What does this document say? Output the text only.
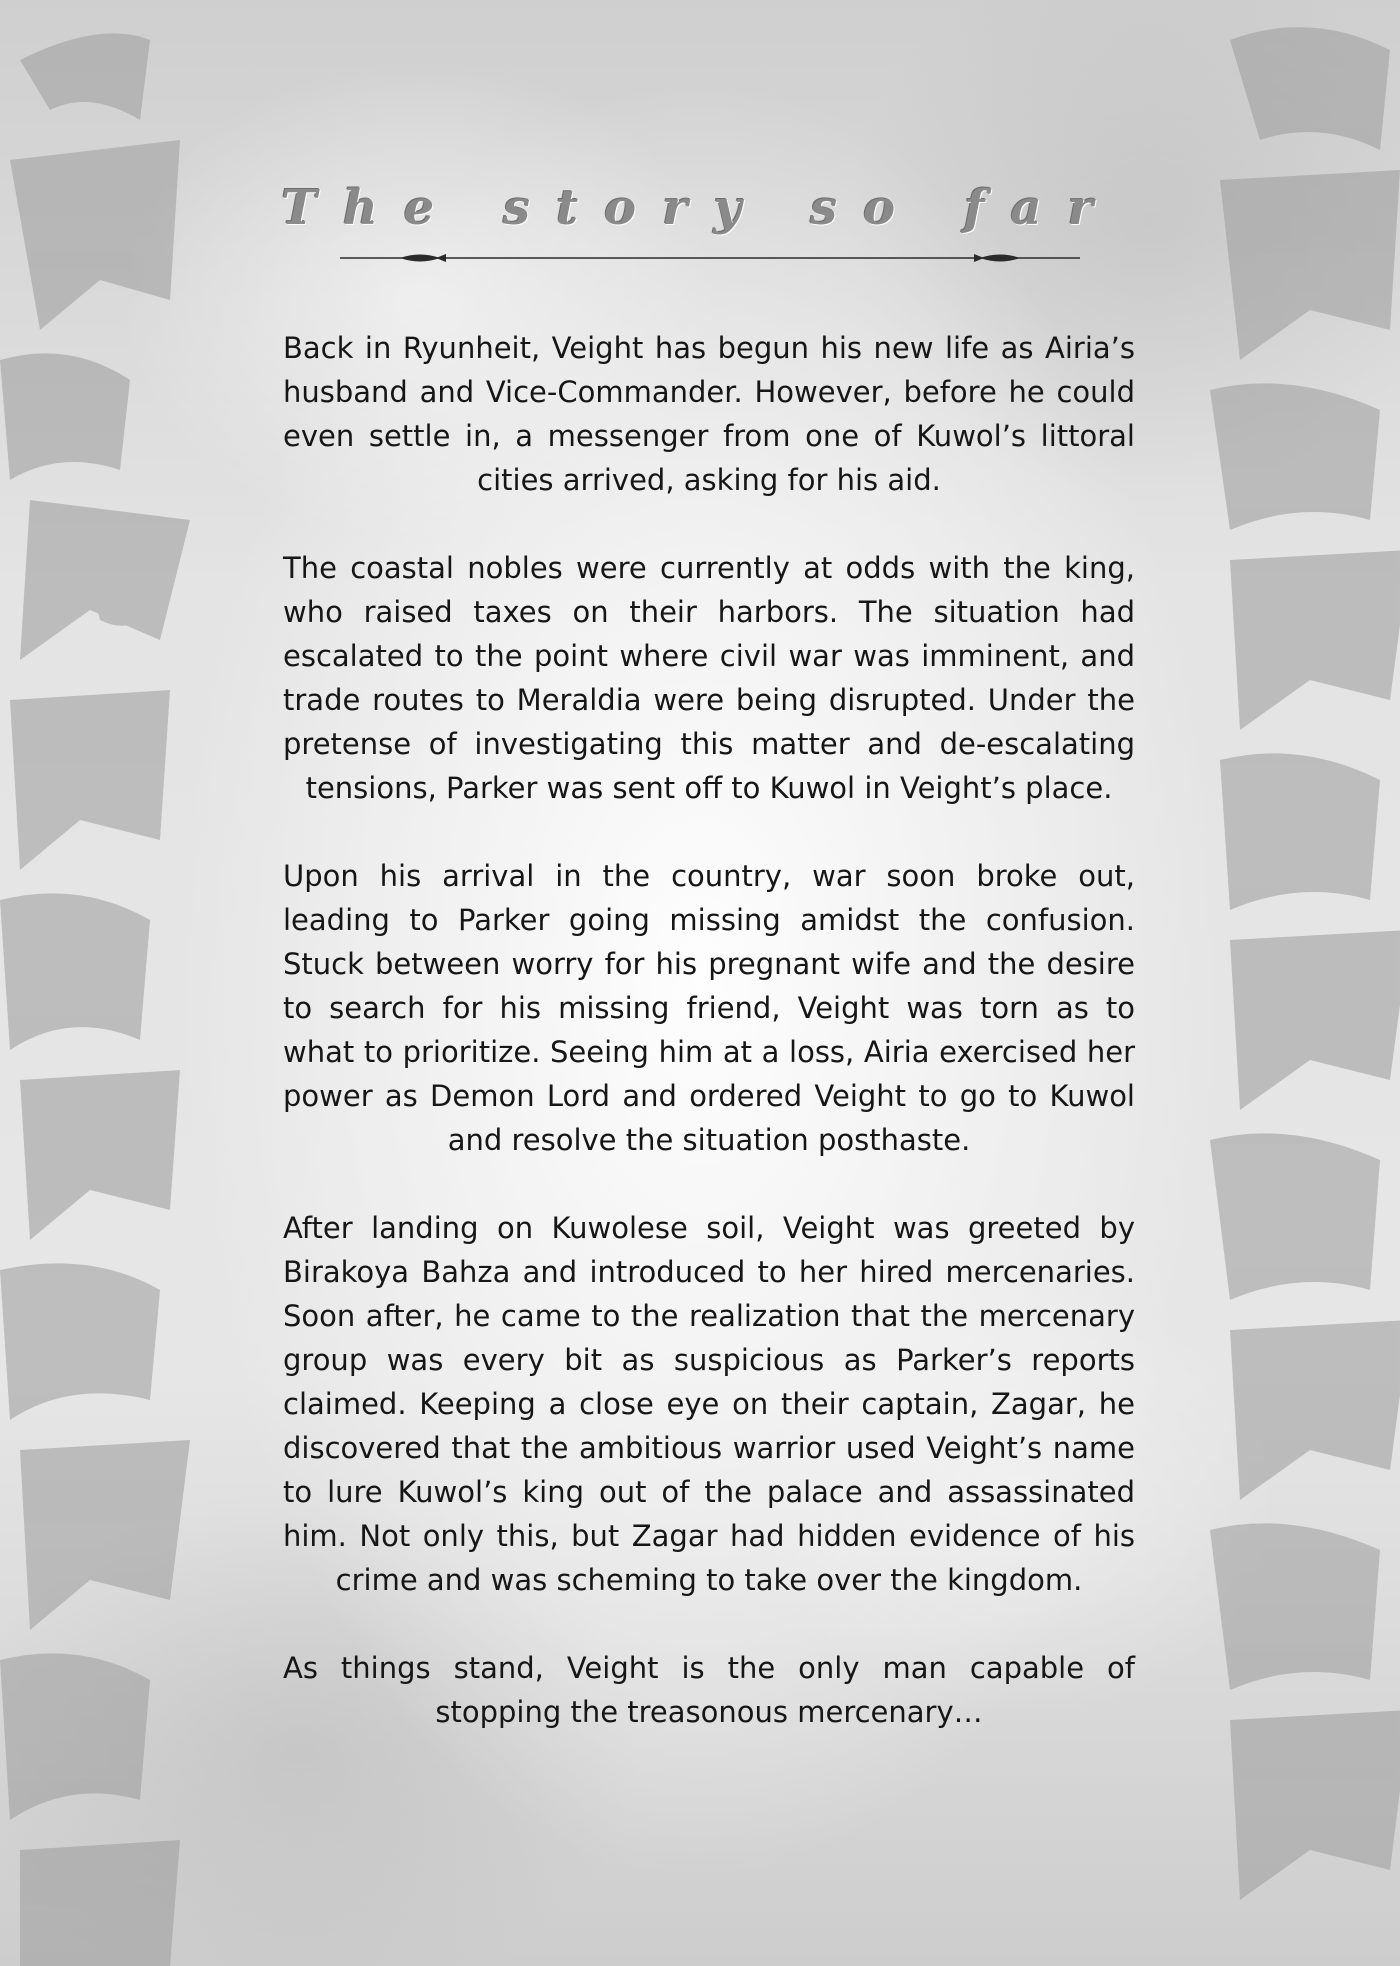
The story so far

Back in Ryunheit, Veight has begun his new life as Airia’s husband and Vice-Commander. However, before he could even settle in, a messenger from one of Kuwol’s littoral cities arrived, asking for his aid.

The coastal nobles were currently at odds with the king, who raised taxes on their harbors. The situation had escalated to the point where civil war was imminent, and trade routes to Meraldia were being disrupted. Under the pretense of investigating this matter and de-escalating tensions, Parker was sent off to Kuwol in Veight’s place.

Upon his arrival in the country, war soon broke out, leading to Parker going missing amidst the confusion. Stuck between worry for his pregnant wife and the desire to search for his missing friend, Veight was torn as to what to prioritize. Seeing him at a loss, Airia exercised her power as Demon Lord and ordered Veight to go to Kuwol and resolve the situation posthaste.

After landing on Kuwolese soil, Veight was greeted by Birakoya Bahza and introduced to her hired mercenaries. Soon after, he came to the realization that the mercenary group was every bit as suspicious as Parker’s reports claimed. Keeping a close eye on their captain, Zagar, he discovered that the ambitious warrior used Veight’s name to lure Kuwol’s king out of the palace and assassinated him. Not only this, but Zagar had hidden evidence of his crime and was scheming to take over the kingdom.

As things stand, Veight is the only man capable of stopping the treasonous mercenary…
